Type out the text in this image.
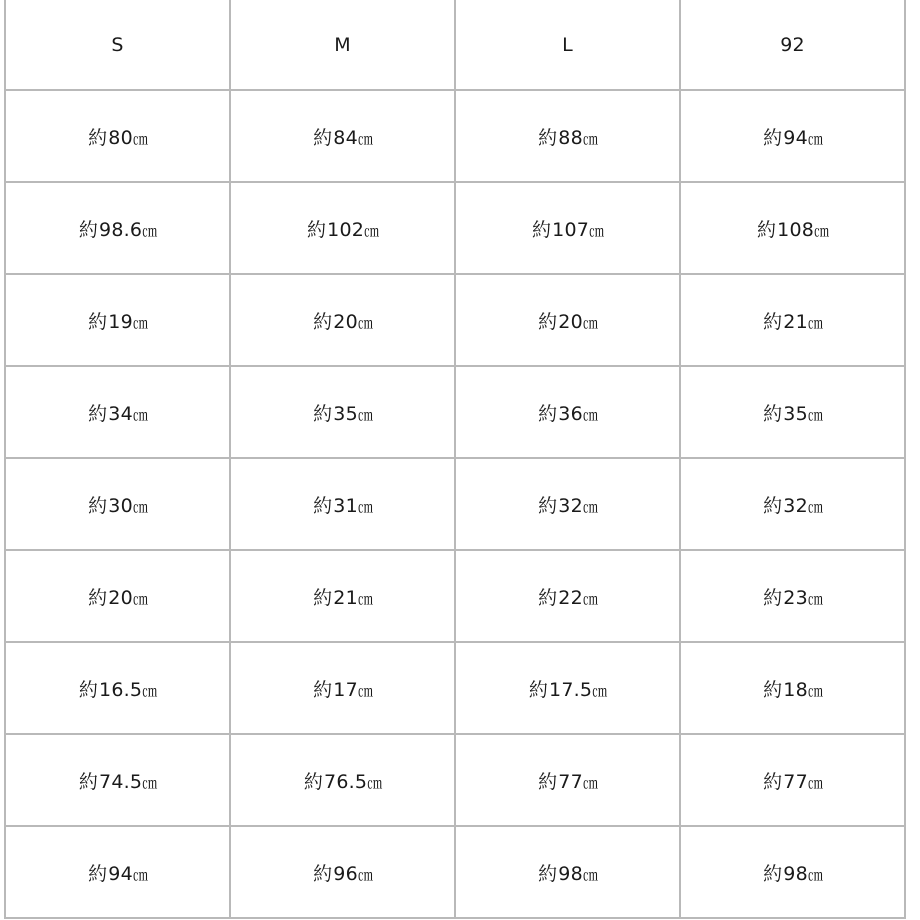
S	M	L	92
約80㎝	約84㎝	約88㎝	約94㎝
約98.6㎝	約102㎝	約107㎝	約108㎝
約19㎝	約20㎝	約20㎝	約21㎝
約34㎝	約35㎝	約36㎝	約35㎝
約30㎝	約31㎝	約32㎝	約32㎝
約20㎝	約21㎝	約22㎝	約23㎝
約16.5㎝	約17㎝	約17.5㎝	約18㎝
約74.5㎝	約76.5㎝	約77㎝	約77㎝
約94㎝	約96㎝	約98㎝	約98㎝
